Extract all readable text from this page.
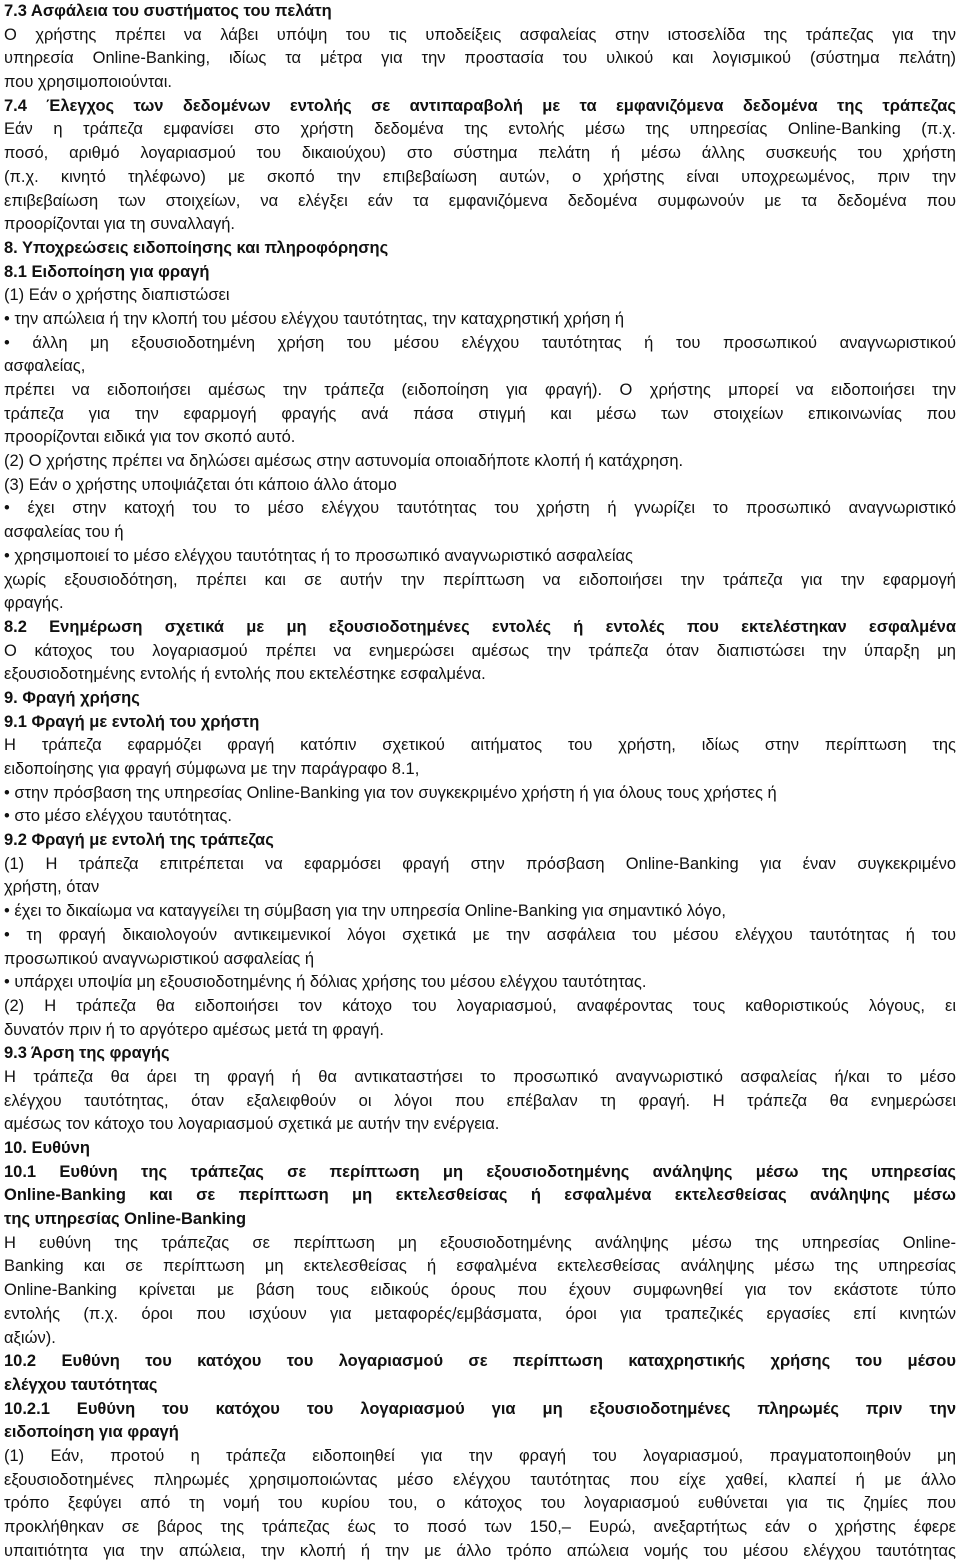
7.3 Ασφάλεια του συστήματος του πελάτη
Ο χρήστης πρέπει να λάβει υπόψη του τις υποδείξεις ασφαλείας στην ιστοσελίδα της τράπεζας για την
υπηρεσία Online-Banking, ιδίως τα μέτρα για την προστασία του υλικού και λογισμικού (σύστημα πελάτη)
που χρησιμοποιούνται.
7.4 Έλεγχος των δεδομένων εντολής σε αντιπαραβολή με τα εμφανιζόμενα δεδομένα της τράπεζας
Εάν η τράπεζα εμφανίσει στο χρήστη δεδομένα της εντολής μέσω της υπηρεσίας Online-Banking (π.χ.
ποσό, αριθμό λογαριασμού του δικαιούχου) στο σύστημα πελάτη ή μέσω άλλης συσκευής του χρήστη
(π.χ. κινητό τηλέφωνο) με σκοπό την επιβεβαίωση αυτών, ο χρήστης είναι υποχρεωμένος, πριν την
επιβεβαίωση των στοιχείων, να ελέγξει εάν τα εμφανιζόμενα δεδομένα συμφωνούν με τα δεδομένα που
προορίζονται για τη συναλλαγή.
8. Υποχρεώσεις ειδοποίησης και πληροφόρησης
8.1 Ειδοποίηση για φραγή
(1) Εάν ο χρήστης διαπιστώσει
• την απώλεια ή την κλοπή του μέσου ελέγχου ταυτότητας, την καταχρηστική χρήση ή
• άλλη μη εξουσιοδοτημένη χρήση του μέσου ελέγχου ταυτότητας ή του προσωπικού αναγνωριστικού
ασφαλείας,
πρέπει να ειδοποιήσει αμέσως την τράπεζα (ειδοποίηση για φραγή). Ο χρήστης μπορεί να ειδοποιήσει την
τράπεζα για την εφαρμογή φραγής ανά πάσα στιγμή και μέσω των στοιχείων επικοινωνίας που
προορίζονται ειδικά για τον σκοπό αυτό.
(2) Ο χρήστης πρέπει να δηλώσει αμέσως στην αστυνομία οποιαδήποτε κλοπή ή κατάχρηση.
(3) Εάν ο χρήστης υποψιάζεται ότι κάποιο άλλο άτομο
• έχει στην κατοχή του το μέσο ελέγχου ταυτότητας του χρήστη ή γνωρίζει το προσωπικό αναγνωριστικό
ασφαλείας του ή
• χρησιμοποιεί το μέσο ελέγχου ταυτότητας ή το προσωπικό αναγνωριστικό ασφαλείας
χωρίς εξουσιοδότηση, πρέπει και σε αυτήν την περίπτωση να ειδοποιήσει την τράπεζα για την εφαρμογή
φραγής.
8.2 Ενημέρωση σχετικά με μη εξουσιοδοτημένες εντολές ή εντολές που εκτελέστηκαν εσφαλμένα
Ο κάτοχος του λογαριασμού πρέπει να ενημερώσει αμέσως την τράπεζα όταν διαπιστώσει την ύπαρξη μη
εξουσιοδοτημένης εντολής ή εντολής που εκτελέστηκε εσφαλμένα.
9. Φραγή χρήσης
9.1 Φραγή με εντολή του χρήστη
Η τράπεζα εφαρμόζει φραγή κατόπιν σχετικού αιτήματος του χρήστη, ιδίως στην περίπτωση της
ειδοποίησης για φραγή σύμφωνα με την παράγραφο 8.1,
• στην πρόσβαση της υπηρεσίας Online-Banking για τον συγκεκριμένο χρήστη ή για όλους τους χρήστες ή
• στο μέσο ελέγχου ταυτότητας.
9.2 Φραγή με εντολή της τράπεζας
(1) Η τράπεζα επιτρέπεται να εφαρμόσει φραγή στην πρόσβαση Online-Banking για έναν συγκεκριμένο
χρήστη, όταν
• έχει το δικαίωμα να καταγγείλει τη σύμβαση για την υπηρεσία Online-Banking για σημαντικό λόγο,
• τη φραγή δικαιολογούν αντικειμενικοί λόγοι σχετικά με την ασφάλεια του μέσου ελέγχου ταυτότητας ή του
προσωπικού αναγνωριστικού ασφαλείας ή
• υπάρχει υποψία μη εξουσιοδοτημένης ή δόλιας χρήσης του μέσου ελέγχου ταυτότητας.
(2) Η τράπεζα θα ειδοποιήσει τον κάτοχο του λογαριασμού, αναφέροντας τους καθοριστικούς λόγους, ει
δυνατόν πριν ή το αργότερο αμέσως μετά τη φραγή.
9.3 Άρση της φραγής
Η τράπεζα θα άρει τη φραγή ή θα αντικαταστήσει το προσωπικό αναγνωριστικό ασφαλείας ή/και το μέσο
ελέγχου ταυτότητας, όταν εξαλειφθούν οι λόγοι που επέβαλαν τη φραγή. Η τράπεζα θα ενημερώσει
αμέσως τον κάτοχο του λογαριασμού σχετικά με αυτήν την ενέργεια.
10. Ευθύνη
10.1 Ευθύνη της τράπεζας σε περίπτωση μη εξουσιοδοτημένης ανάληψης μέσω της υπηρεσίας
Online-Banking και σε περίπτωση μη εκτελεσθείσας ή εσφαλμένα εκτελεσθείσας ανάληψης μέσω
της υπηρεσίας Online-Banking
Η ευθύνη της τράπεζας σε περίπτωση μη εξουσιοδοτημένης ανάληψης μέσω της υπηρεσίας Online-
Banking και σε περίπτωση μη εκτελεσθείσας ή εσφαλμένα εκτελεσθείσας ανάληψης μέσω της υπηρεσίας
Online-Banking κρίνεται με βάση τους ειδικούς όρους που έχουν συμφωνηθεί για τον εκάστοτε τύπο
εντολής (π.χ. όροι που ισχύουν για μεταφορές/εμβάσματα, όροι για τραπεζικές εργασίες επί κινητών
αξιών).
10.2 Ευθύνη του κατόχου του λογαριασμού σε περίπτωση καταχρηστικής χρήσης του μέσου
ελέγχου ταυτότητας
10.2.1 Ευθύνη του κατόχου του λογαριασμού για μη εξουσιοδοτημένες πληρωμές πριν την
ειδοποίηση για φραγή
(1) Εάν, προτού η τράπεζα ειδοποιηθεί για την φραγή του λογαριασμού, πραγματοποιηθούν μη
εξουσιοδοτημένες πληρωμές χρησιμοποιώντας μέσο ελέγχου ταυτότητας που είχε χαθεί, κλαπεί ή με άλλο
τρόπο ξεφύγει από τη νομή του κυρίου του, ο κάτοχος του λογαριασμού ευθύνεται για τις ζημίες που
προκλήθηκαν σε βάρος της τράπεζας έως το ποσό των 150,– Ευρώ, ανεξαρτήτως εάν ο χρήστης έφερε
υπαιτιότητα για την απώλεια, την κλοπή ή την με άλλο τρόπο απώλεια νομής του μέσου ελέγχου ταυτότητας
